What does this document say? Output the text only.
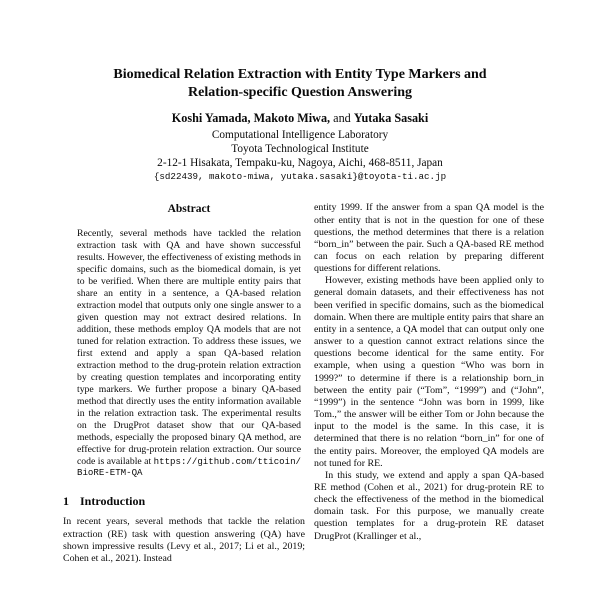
Biomedical Relation Extraction with Entity Type Markers and
Relation-specific Question Answering
Koshi Yamada, Makoto Miwa, and Yutaka Sasaki
Computational Intelligence Laboratory
Toyota Technological Institute
2-12-1 Hisakata, Tempaku-ku, Nagoya, Aichi, 468-8511, Japan
{sd22439, makoto-miwa, yutaka.sasaki}@toyota-ti.ac.jp
Abstract
Recently, several methods have tackled the relation extraction task with QA and have shown successful results. However, the effectiveness of existing methods in specific domains, such as the biomedical domain, is yet to be verified. When there are multiple entity pairs that share an entity in a sentence, a QA-based relation extraction model that outputs only one single answer to a given question may not extract desired relations. In addition, these methods employ QA models that are not tuned for relation extraction. To address these issues, we first extend and apply a span QA-based relation extraction method to the drug-protein relation extraction by creating question templates and incorporating entity type markers. We further propose a binary QA-based method that directly uses the entity information available in the relation extraction task. The experimental results on the DrugProt dataset show that our QA-based methods, especially the proposed binary QA method, are effective for drug-protein relation extraction. Our source code is available at https://github.com/tticoin/BioRE-ETM-QA
1 Introduction
In recent years, several methods that tackle the relation extraction (RE) task with question answering (QA) have shown impressive results (Levy et al., 2017; Li et al., 2019; Cohen et al., 2021). Instead
entity 1999. If the answer from a span QA model is the other entity that is not in the question for one of these questions, the method determines that there is a relation “born_in” between the pair. Such a QA-based RE method can focus on each relation by preparing different questions for different relations.
However, existing methods have been applied only to general domain datasets, and their effectiveness has not been verified in specific domains, such as the biomedical domain. When there are multiple entity pairs that share an entity in a sentence, a QA model that can output only one answer to a question cannot extract relations since the questions become identical for the same entity. For example, when using a question “Who was born in 1999?” to determine if there is a relationship born_in between the entity pair (“Tom”, “1999”) and (“John”, “1999”) in the sentence “John was born in 1999, like Tom.,” the answer will be either Tom or John because the input to the model is the same. In this case, it is determined that there is no relation “born_in” for one of the entity pairs. Moreover, the employed QA models are not tuned for RE.
In this study, we extend and apply a span QA-based RE method (Cohen et al., 2021) for drug-protein RE to check the effectiveness of the method in the biomedical domain task. For this purpose, we manually create question templates for a drug-protein RE dataset DrugProt (Krallinger et al.,
